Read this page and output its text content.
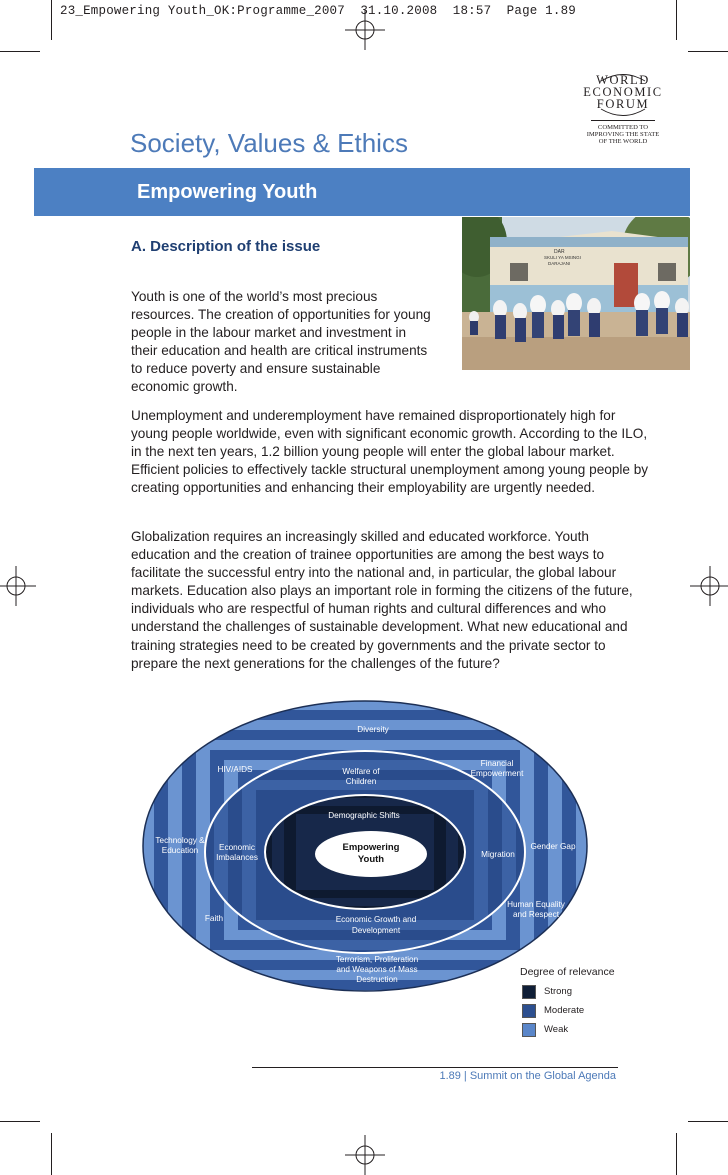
23_Empowering Youth_OK:Programme_2007  31.10.2008  18:57  Page 1.89
WORLD
ECONOMIC
FORUM
COMMITTED TO
IMPROVING THE STATE
OF THE WORLD
Society, Values & Ethics
Empowering Youth
DAR
SKULI YA MSINGI
DARAJANI
A. Description of the issue

Youth is one of the world’s most precious resources. The creation of opportunities for young people in the labour market and investment in their education and health are critical instruments to reduce poverty and ensure sustainable economic growth.

Unemployment and underemployment have remained disproportionately high for young people worldwide, even with significant economic growth. According to the ILO, in the next ten years, 1.2 billion young people will enter the global labour market. Efficient policies to effectively tackle structural unemployment among young people by creating opportunities and enhancing their employability are urgently needed.

Globalization requires an increasingly skilled and educated workforce. Youth education and the creation of trainee opportunities are among the best ways to facilitate the successful entry into the national and, in particular, the global labour markets. Education also plays an important role in forming the citizens of the future, individuals who are respectful of human rights and cultural differences and who understand the challenges of sustainable development. What new educational and training strategies need to be created by governments and the private sector to prepare the next generations for the challenges of the future?

Empowering
Youth
Demographic Shifts
Welfare of
Children
Economic
Imbalances	Migration
Economic Growth and
Development
Diversity
HIV/AIDS
Financial
Empowerment
Technology &
Education	Gender Gap
Faith
Human Equality
and Respect
Terrorism, Proliferation
and Weapons of Mass
Destruction
Degree of relevance
Strong
Moderate
Weak
1.89 | Summit on the Global Agenda
